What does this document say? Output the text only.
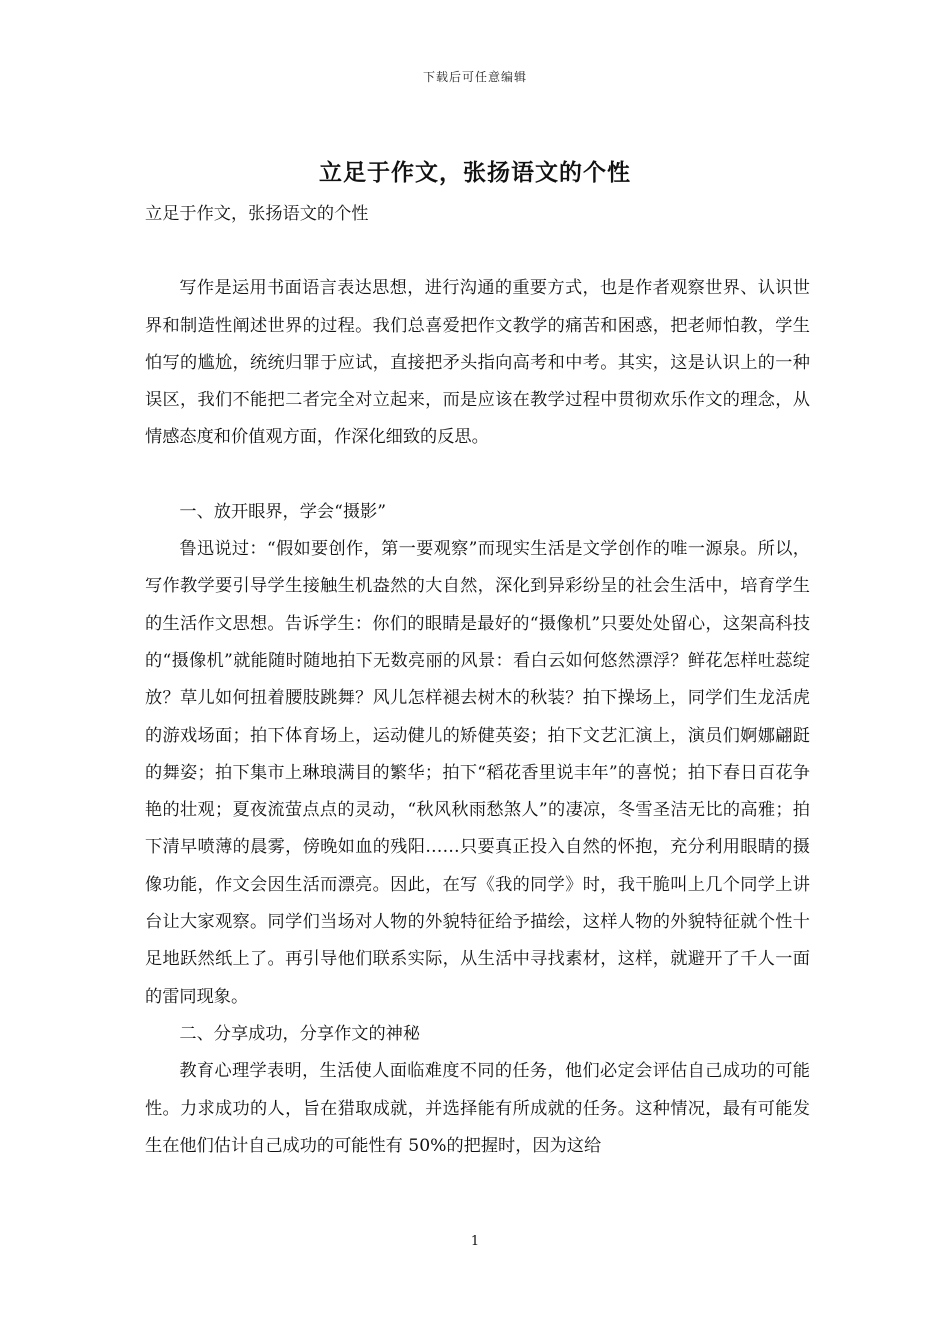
下载后可任意编辑
立足于作文，张扬语文的个性

立足于作文，张扬语文的个性

写作是运用书面语言表达思想，进行沟通的重要方式，也是作者观察世界、认识世界和制造性阐述世界的过程。我们总喜爱把作文教学的痛苦和困惑，把老师怕教，学生怕写的尴尬，统统归罪于应试，直接把矛头指向高考和中考。其实，这是认识上的一种误区，我们不能把二者完全对立起来，而是应该在教学过程中贯彻欢乐作文的理念，从情感态度和价值观方面，作深化细致的反思。

一、放开眼界，学会“摄影”

鲁迅说过：“假如要创作，第一要观察”而现实生活是文学创作的唯一源泉。所以，写作教学要引导学生接触生机盎然的大自然，深化到异彩纷呈的社会生活中，培育学生的生活作文思想。告诉学生：你们的眼睛是最好的“摄像机”只要处处留心，这架高科技的“摄像机”就能随时随地拍下无数亮丽的风景：看白云如何悠然漂浮？鲜花怎样吐蕊绽放？草儿如何扭着腰肢跳舞？风儿怎样褪去树木的秋装？拍下操场上，同学们生龙活虎的游戏场面；拍下体育场上，运动健儿的矫健英姿；拍下文艺汇演上，演员们婀娜翩跹的舞姿；拍下集市上琳琅满目的繁华；拍下“稻花香里说丰年”的喜悦；拍下春日百花争艳的壮观；夏夜流萤点点的灵动，“秋风秋雨愁煞人”的凄凉，冬雪圣洁无比的高雅；拍下清早喷薄的晨雾，傍晚如血的残阳……只要真正投入自然的怀抱，充分利用眼睛的摄像功能，作文会因生活而漂亮。因此，在写《我的同学》时，我干脆叫上几个同学上讲台让大家观察。同学们当场对人物的外貌特征给予描绘，这样人物的外貌特征就个性十足地跃然纸上了。再引导他们联系实际，从生活中寻找素材，这样，就避开了千人一面的雷同现象。

二、分享成功，分享作文的神秘

教育心理学表明，生活使人面临难度不同的任务，他们必定会评估自己成功的可能性。力求成功的人，旨在猎取成就，并选择能有所成就的任务。这种情况，最有可能发生在他们估计自己成功的可能性有 50%的把握时，因为这给

1
